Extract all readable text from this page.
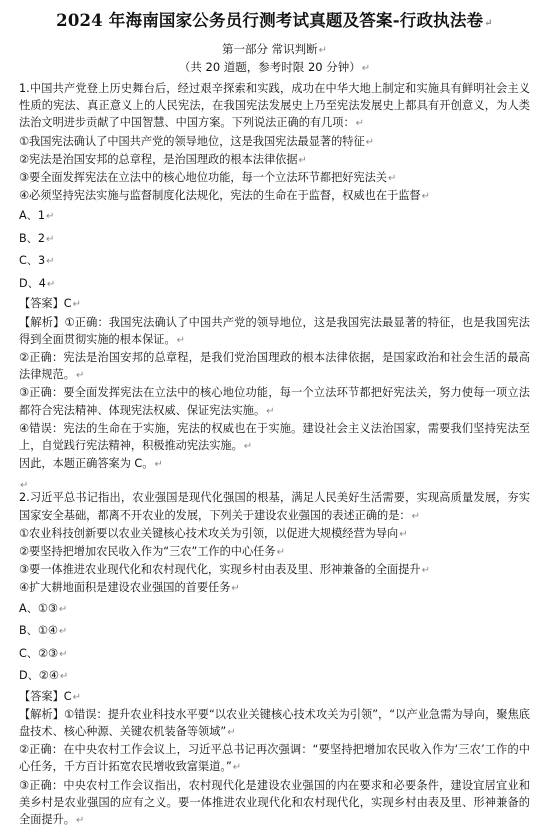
2024 年海南国家公务员行测考试真题及答案-行政执法卷↵
第一部分 常识判断↵
（共 20 道题，参考时限 20 分钟）↵

1.中国共产党登上历史舞台后，经过艰辛探索和实践，成功在中华大地上制定和实施具有鲜明社会主义性质的宪法、真正意义上的人民宪法，在我国宪法发展史上乃至宪法发展史上都具有开创意义，为人类法治文明进步贡献了中国智慧、中国方案。下列说法正确的有几项：↵

①我国宪法确认了中国共产党的领导地位，这是我国宪法最显著的特征↵

②宪法是治国安邦的总章程，是治国理政的根本法律依据↵

③要全面发挥宪法在立法中的核心地位功能，每一个立法环节都把好宪法关↵

④必须坚持宪法实施与监督制度化法规化，宪法的生命在于监督，权威也在于监督↵

A、1↵

B、2↵

C、3↵

D、4↵

【答案】C↵

【解析】①正确：我国宪法确认了中国共产党的领导地位，这是我国宪法最显著的特征，也是我国宪法得到全面贯彻实施的根本保证。↵

②正确：宪法是治国安邦的总章程，是我们党治国理政的根本法律依据，是国家政治和社会生活的最高法律规范。↵

③正确：要全面发挥宪法在立法中的核心地位功能，每一个立法环节都把好宪法关，努力使每一项立法都符合宪法精神、体现宪法权威、保证宪法实施。↵

④错误：宪法的生命在于实施，宪法的权威也在于实施。建设社会主义法治国家，需要我们坚持宪法至上，自觉践行宪法精神，积极推动宪法实施。↵

因此，本题正确答案为 C。↵

↵

2.习近平总书记指出，农业强国是现代化强国的根基，满足人民美好生活需要，实现高质量发展，夯实国家安全基础，都离不开农业的发展，下列关于建设农业强国的表述正确的是：↵

①农业科技创新要以农业关键核心技术攻关为引领，以促进大规模经营为导向↵

②要坚持把增加农民收入作为“三农”工作的中心任务↵

③要一体推进农业现代化和农村现代化，实现乡村由表及里、形神兼备的全面提升↵

④扩大耕地面积是建设农业强国的首要任务↵

A、①③↵

B、①④↵

C、②③↵

D、②④↵

【答案】C↵

【解析】①错误：提升农业科技水平要“以农业关键核心技术攻关为引领”，“以产业急需为导向，聚焦底盘技术、核心种源、关键农机装备等领域”↵

②正确：在中央农村工作会议上，习近平总书记再次强调：“要坚持把增加农民收入作为‘三农’工作的中心任务，千方百计拓宽农民增收致富渠道。”↵

③正确：中央农村工作会议指出，农村现代化是建设农业强国的内在要求和必要条件，建设宜居宜业和美乡村是农业强国的应有之义。要一体推进农业现代化和农村现代化，实现乡村由表及里、形神兼备的全面提升。↵
